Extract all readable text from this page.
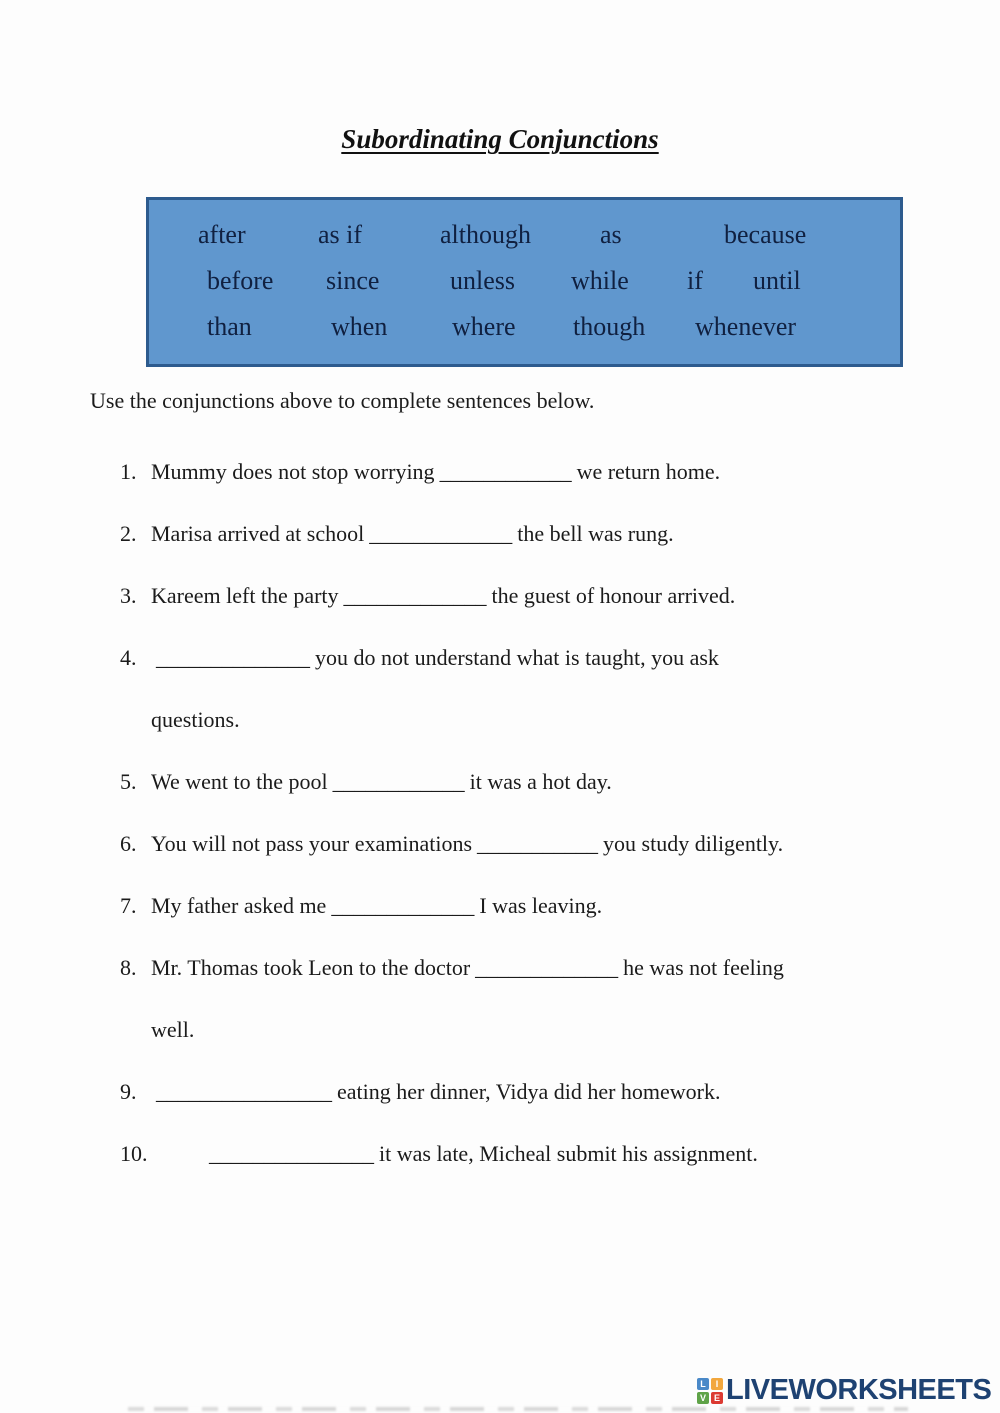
Subordinating Conjunctions
after	as if	although	as	because
before since	unless while if until
than	when where though whenever
Use the conjunctions above to complete sentences below.
1. Mummy does not stop worrying ____________ we return home.
2. Marisa arrived at school _____________ the bell was rung.
3. Kareem left the party _____________ the guest of honour arrived.
4. ______________ you do not understand what is taught, you ask
questions.
5. We went to the pool ____________ it was a hot day.
6. You will not pass your examinations ___________ you study diligently.
7. My father asked me _____________ I was leaving.
8. Mr. Thomas took Leon to the doctor _____________ he was not feeling
well.
9. ________________ eating her dinner, Vidya did her homework.
10.	_______________ it was late, Micheal submit his assignment.
L	I
V E LIVEWORKSHEETS
